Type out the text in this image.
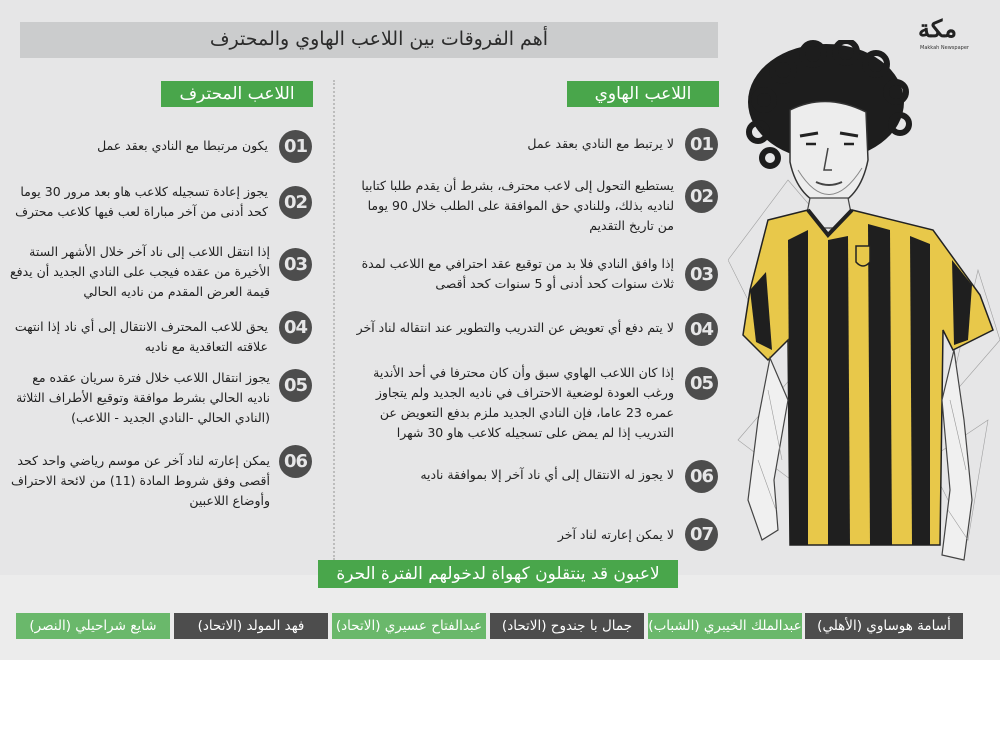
أهم الفروقات بين اللاعب الهاوي والمحترف	مكة
Makkah Newspaper
اللاعب المحترف	اللاعب الهاوي
01
يكون مرتبطا مع النادي بعقد عمل
02
يجوز إعادة تسجيله كلاعب هاو بعد مرور 30 يوما كحد أدنى من آخر مباراة لعب فيها كلاعب محترف
03
إذا انتقل اللاعب إلى ناد آخر خلال الأشهر الستة الأخيرة من عقده فيجب على النادي الجديد أن يدفع قيمة العرض المقدم من ناديه الحالي
04
يحق للاعب المحترف الانتقال إلى أي ناد إذا انتهت علاقته التعاقدية مع ناديه
05
يجوز انتقال اللاعب خلال فترة سريان عقده مع ناديه الحالي بشرط موافقة وتوقيع الأطراف الثلاثة (النادي الحالي -النادي الجديد - اللاعب)
06
يمكن إعارته لناد آخر عن موسم رياضي واحد كحد أقصى وفق شروط المادة (11) من لائحة الاحتراف وأوضاع اللاعبين
01
لا يرتبط مع النادي بعقد عمل
02
يستطيع التحول إلى لاعب محترف، بشرط أن يقدم طلبا كتابيا لناديه بذلك، وللنادي حق الموافقة على الطلب خلال 90 يوما من تاريخ التقديم
03
إذا وافق النادي فلا بد من توقيع عقد احترافي مع اللاعب لمدة ثلاث سنوات كحد أدنى أو 5 سنوات كحد أقصى
04
لا يتم دفع أي تعويض عن التدريب والتطوير عند انتقاله لناد آخر
05
إذا كان اللاعب الهاوي سبق وأن كان محترفا في أحد الأندية ورغب العودة لوضعية الاحتراف في ناديه الجديد ولم يتجاوز عمره 23 عاما، فإن النادي الجديد ملزم بدفع التعويض عن التدريب إذا لم يمض على تسجيله كلاعب هاو 30 شهرا
06
لا يجوز له الانتقال إلى أي ناد آخر إلا بموافقة ناديه
07
لا يمكن إعارته لناد آخر
لاعبون قد ينتقلون كهواة لدخولهم الفترة الحرة
أسامة هوساوي (الأهلي)
عبدالملك الخيبري (الشباب)
جمال با جندوح (الاتحاد)
عبدالفتاح عسيري (الاتحاد)
فهد المولد (الاتحاد)
شايع شراحيلي (النصر)
